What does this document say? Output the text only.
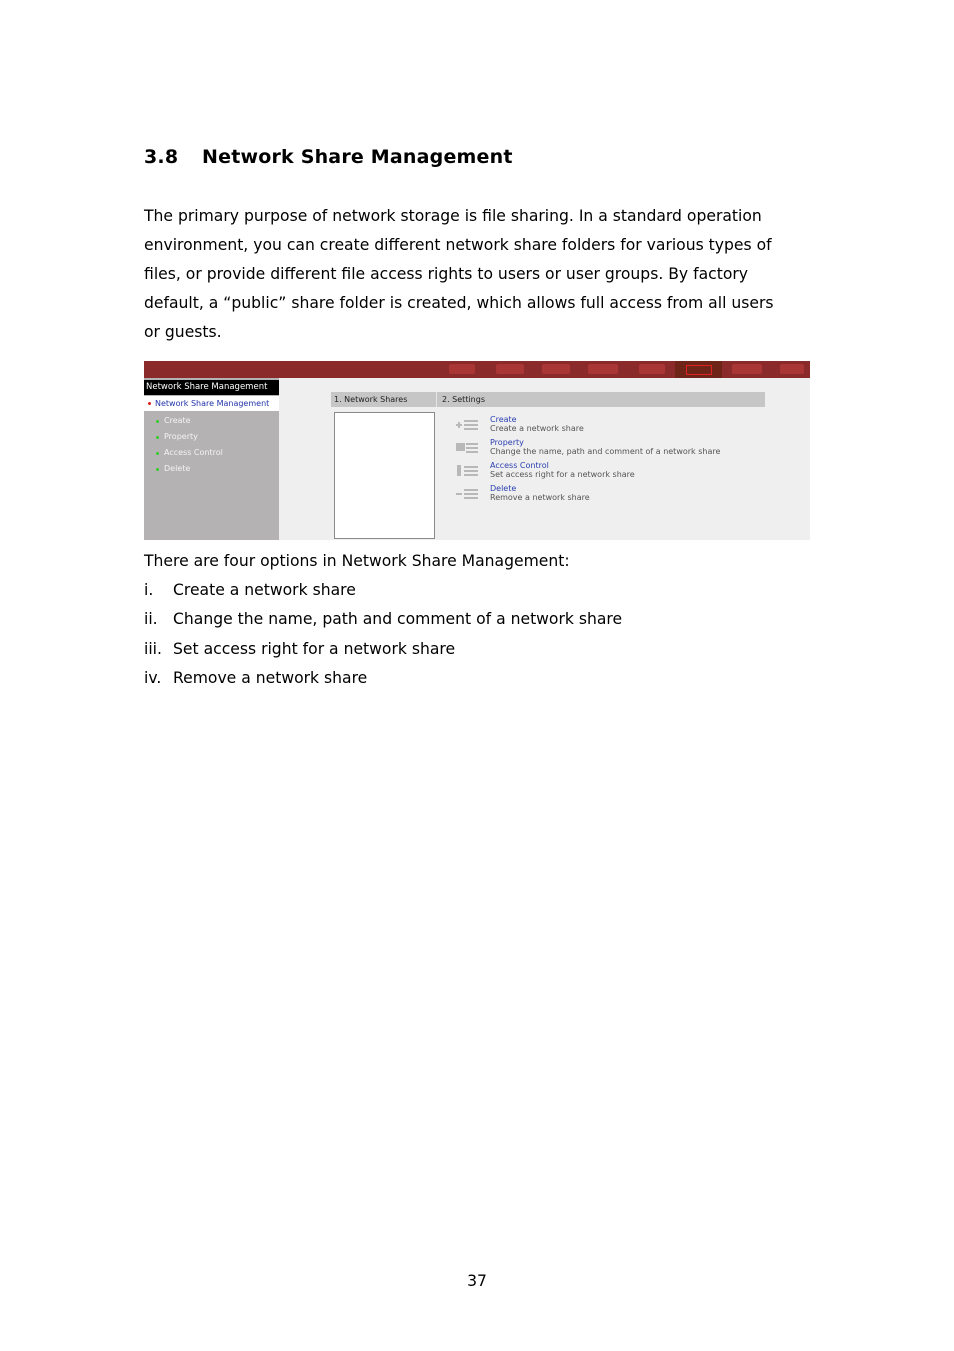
3.8 Network Share Management
The primary purpose of network storage is file sharing. In a standard operation
environment, you can create different network share folders for various types of
files, or provide different file access rights to users or user groups. By factory
default, a “public” share folder is created, which allows full access from all users
or guests.
Network Share Management
Network Share Management
Create
Property
Access Control
Delete
1. Network Shares	2. Settings
Create
Create a network share
Property
Change the name, path and comment of a network share
Access Control
Set access right for a network share
Delete
Remove a network share
There are four options in Network Share Management:
i. Create a network share
ii. Change the name, path and comment of a network share
iii. Set access right for a network share
iv. Remove a network share
37
